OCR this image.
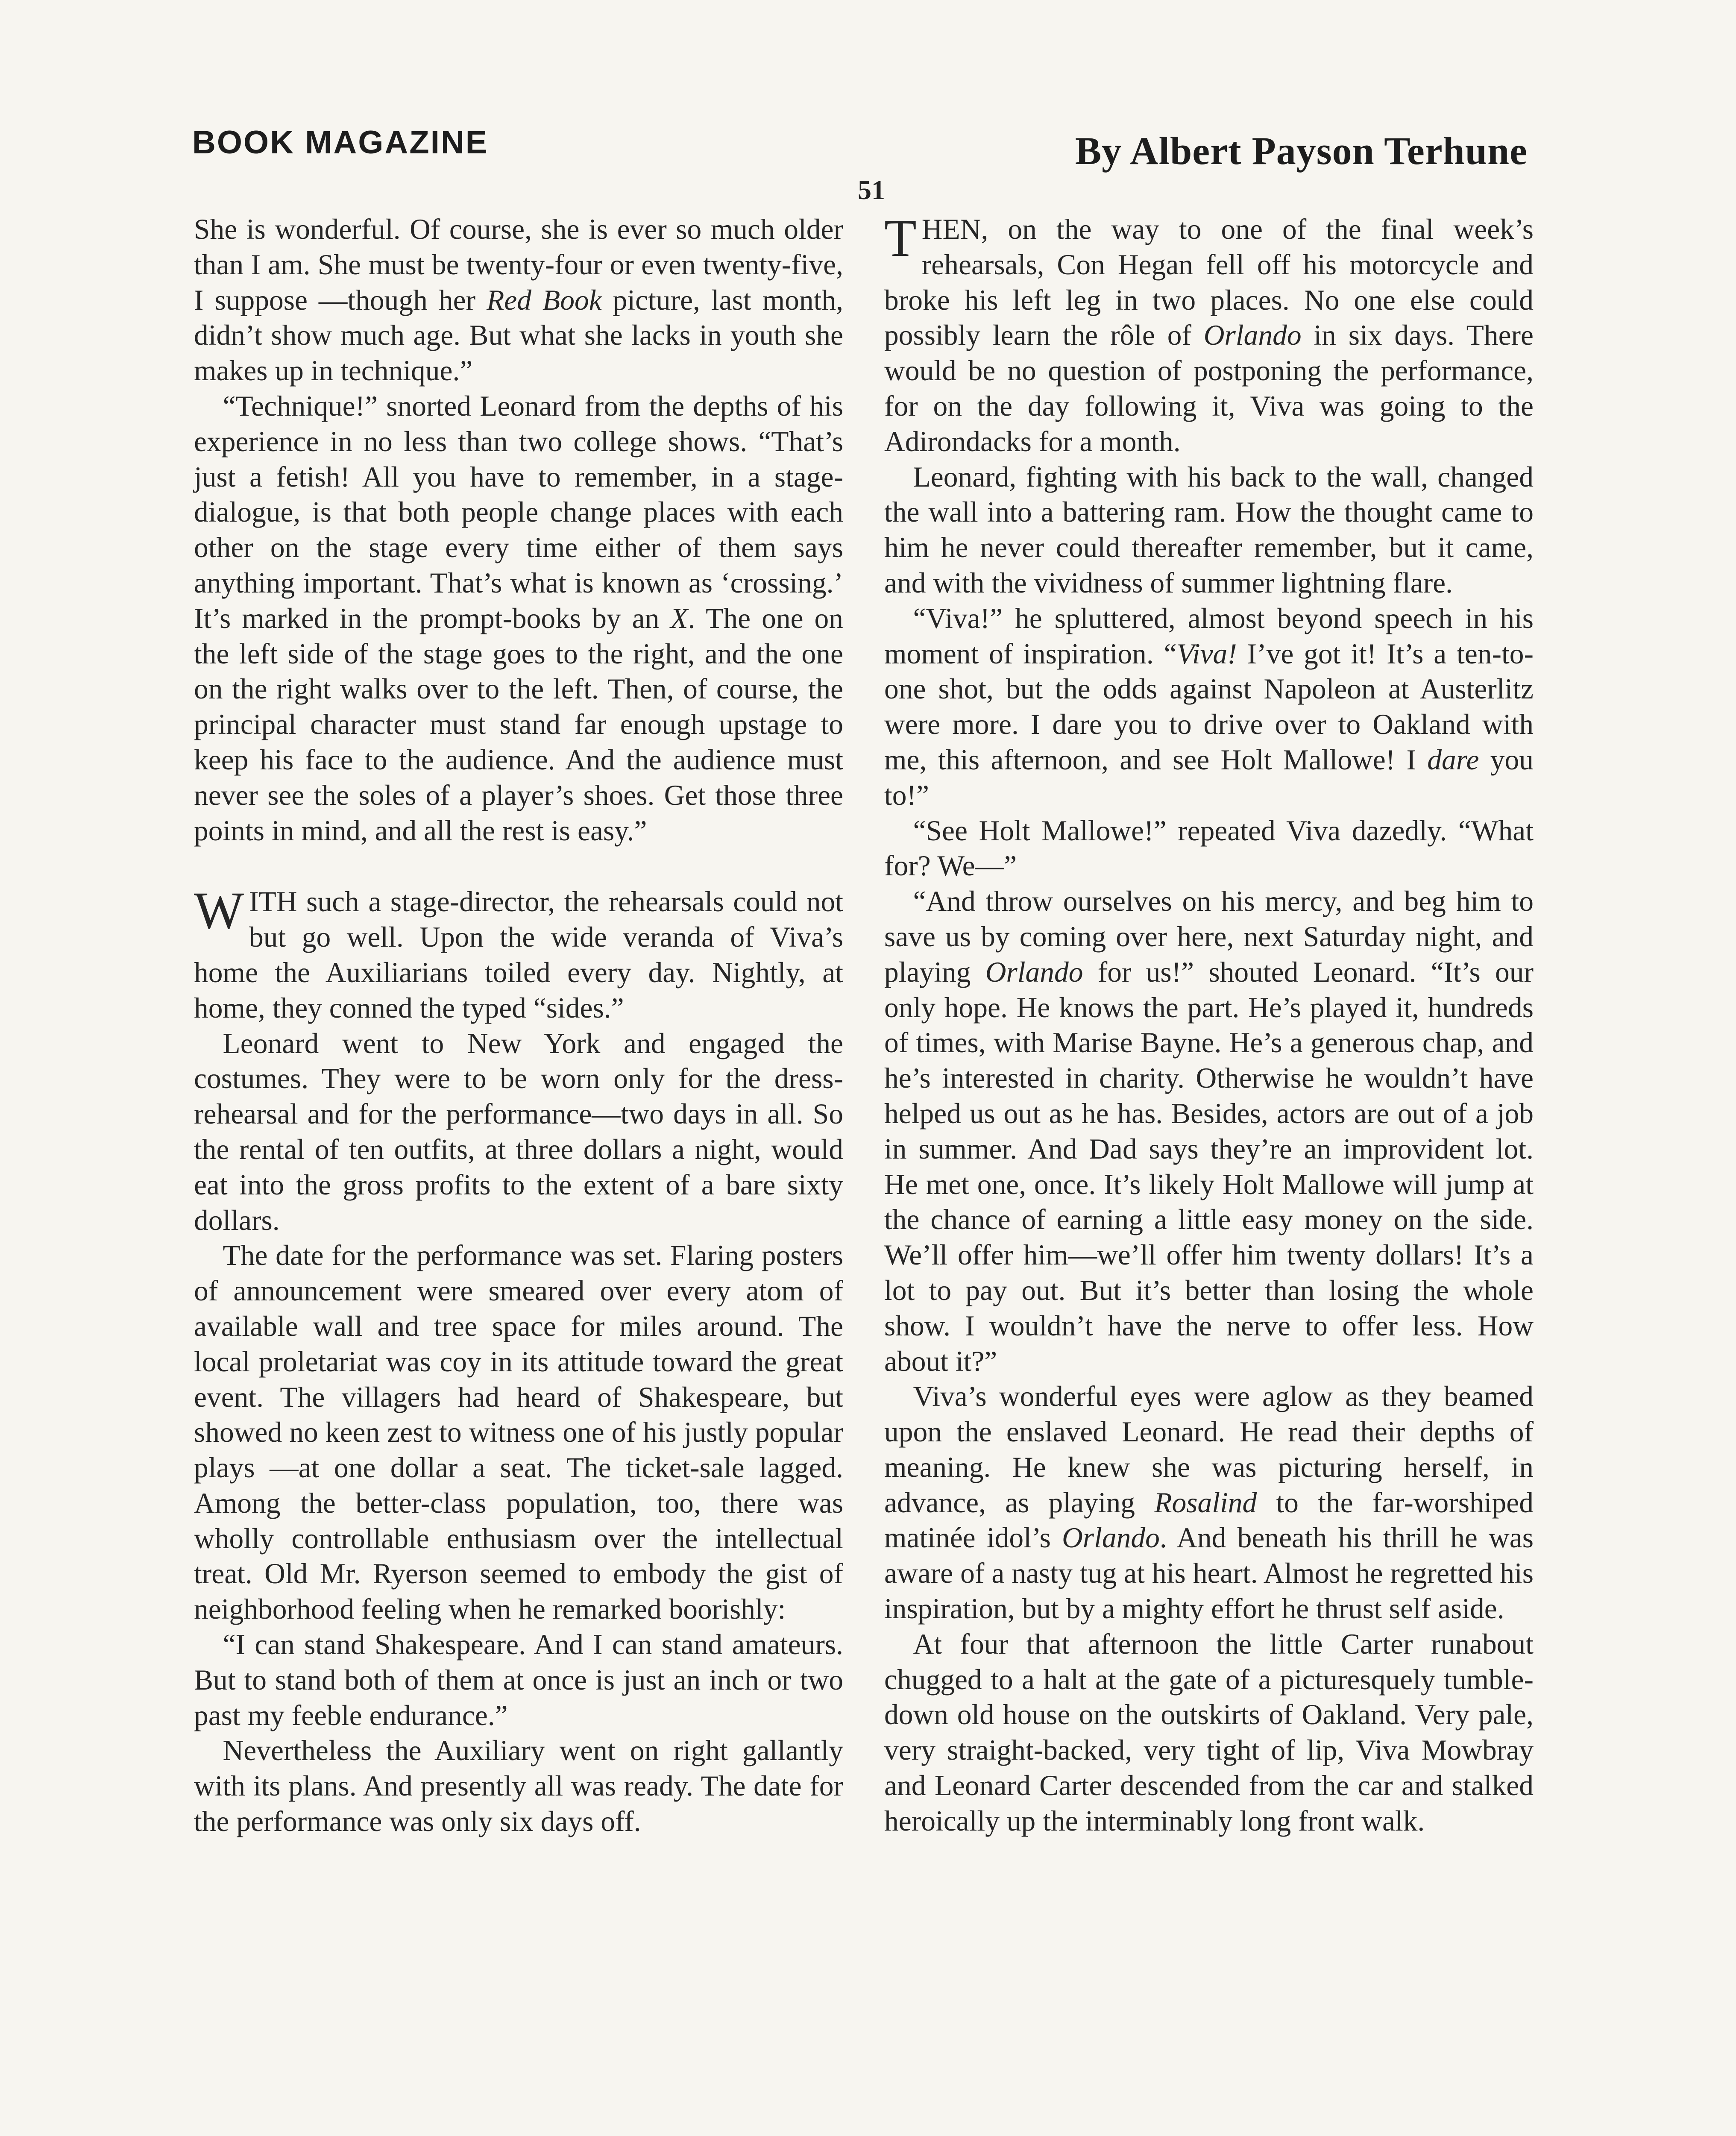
BOOK MAGAZINE	By Albert Payson Terhune
51

She is wonderful. Of course, she is ever so much older than I am. She must be twenty-four or even twenty-five, I suppose —though her Red Book picture, last month, didn’t show much age. But what she lacks in youth she makes up in technique.”

“Technique!” snorted Leonard from the depths of his experience in no less than two college shows. “That’s just a fetish! All you have to remember, in a stage-dialogue, is that both people change places with each other on the stage every time either of them says anything important. That’s what is known as ‘crossing.’ It’s marked in the prompt-books by an X. The one on the left side of the stage goes to the right, and the one on the right walks over to the left. Then, of course, the principal character must stand far enough upstage to keep his face to the audience. And the audience must never see the soles of a player’s shoes. Get those three points in mind, and all the rest is easy.”

WITH such a stage-director, the rehearsals could not but go well. Upon the wide veranda of Viva’s home the Auxiliarians toiled every day. Nightly, at home, they conned the typed “sides.”

Leonard went to New York and engaged the costumes. They were to be worn only for the dress-rehearsal and for the performance—two days in all. So the rental of ten outfits, at three dollars a night, would eat into the gross profits to the extent of a bare sixty dollars.

The date for the performance was set. Flaring posters of announcement were smeared over every atom of available wall and tree space for miles around. The local proletariat was coy in its attitude toward the great event. The villagers had heard of Shakespeare, but showed no keen zest to witness one of his justly popular plays —at one dollar a seat. The ticket-sale lagged. Among the better-class population, too, there was wholly controllable enthusiasm over the intellectual treat. Old Mr. Ryerson seemed to embody the gist of neighborhood feeling when he remarked boorishly:

“I can stand Shakespeare. And I can stand amateurs. But to stand both of them at once is just an inch or two past my feeble endurance.”

Nevertheless the Auxiliary went on right gallantly with its plans. And presently all was ready. The date for the performance was only six days off.

THEN, on the way to one of the final week’s rehearsals, Con Hegan fell off his motorcycle and broke his left leg in two places. No one else could possibly learn the rôle of Orlando in six days. There would be no question of postponing the performance, for on the day following it, Viva was going to the Adirondacks for a month.

Leonard, fighting with his back to the wall, changed the wall into a battering ram. How the thought came to him he never could thereafter remember, but it came, and with the vividness of summer lightning flare.

“Viva!” he spluttered, almost beyond speech in his moment of inspiration. “Viva! I’ve got it! It’s a ten-to-one shot, but the odds against Napoleon at Austerlitz were more. I dare you to drive over to Oakland with me, this afternoon, and see Holt Mallowe! I dare you to!”

“See Holt Mallowe!” repeated Viva dazedly. “What for? We—”

“And throw ourselves on his mercy, and beg him to save us by coming over here, next Saturday night, and playing Orlando for us!” shouted Leonard. “It’s our only hope. He knows the part. He’s played it, hundreds of times, with Marise Bayne. He’s a generous chap, and he’s interested in charity. Otherwise he wouldn’t have helped us out as he has. Besides, actors are out of a job in summer. And Dad says they’re an improvident lot. He met one, once. It’s likely Holt Mallowe will jump at the chance of earning a little easy money on the side. We’ll offer him—we’ll offer him twenty dollars! It’s a lot to pay out. But it’s better than losing the whole show. I wouldn’t have the nerve to offer less. How about it?”

Viva’s wonderful eyes were aglow as they beamed upon the enslaved Leonard. He read their depths of meaning. He knew she was picturing herself, in advance, as playing Rosalind to the far-worshiped matinée idol’s Orlando. And beneath his thrill he was aware of a nasty tug at his heart. Almost he regretted his inspiration, but by a mighty effort he thrust self aside.

At four that afternoon the little Carter runabout chugged to a halt at the gate of a picturesquely tumble-down old house on the outskirts of Oakland. Very pale, very straight-backed, very tight of lip, Viva Mowbray and Leonard Carter descended from the car and stalked heroically up the interminably long front walk.
